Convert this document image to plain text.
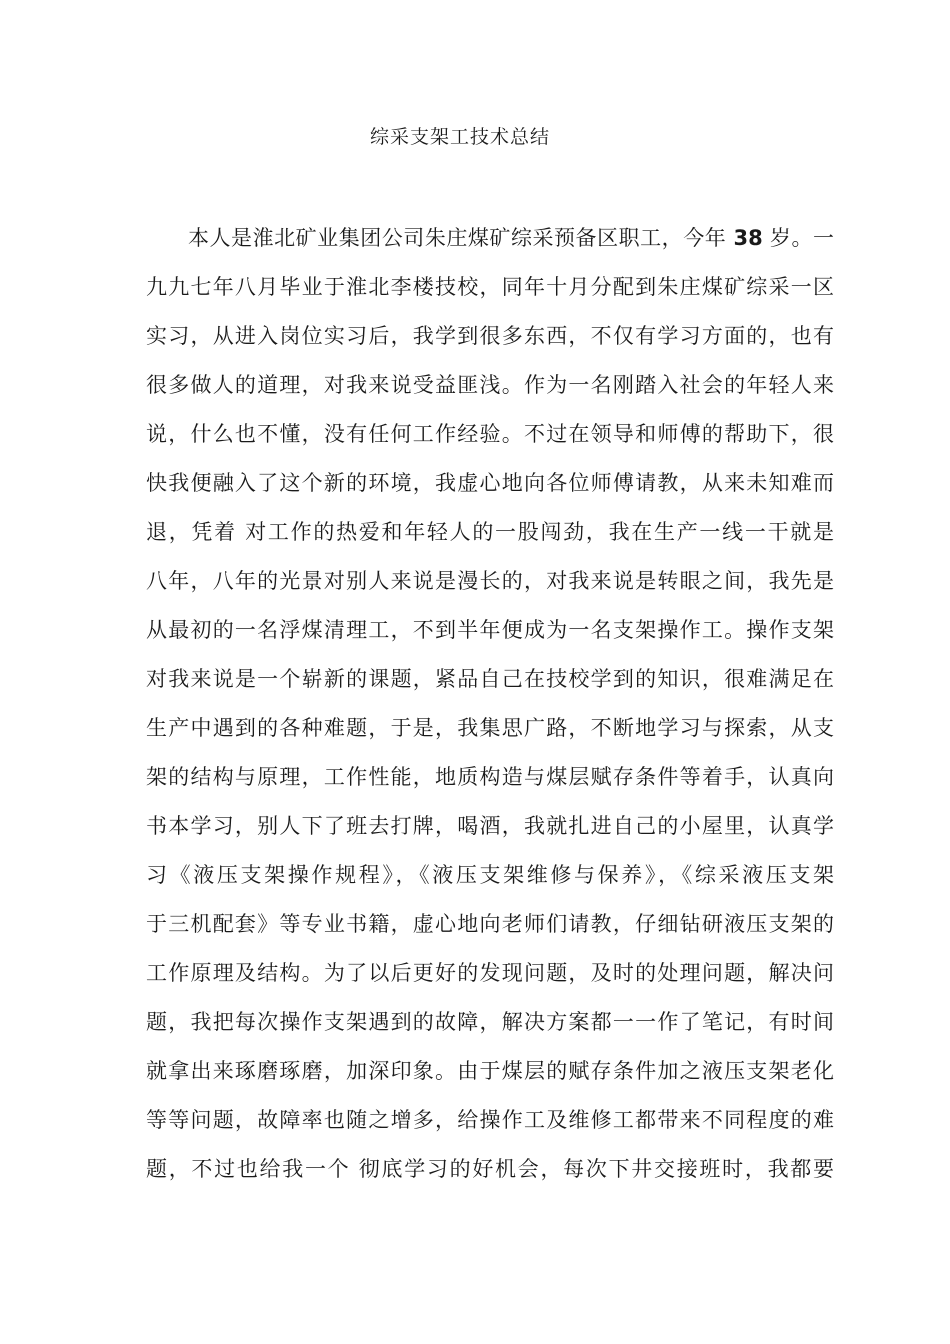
综采支架工技术总结
本人是淮北矿业集团公司朱庄煤矿综采预备区职工，今年 38 岁。一
九九七年八月毕业于淮北李楼技校，同年十月分配到朱庄煤矿综采一区
实习，从进入岗位实习后，我学到很多东西，不仅有学习方面的，也有
很多做人的道理，对我来说受益匪浅。作为一名刚踏入社会的年轻人来
说，什么也不懂，没有任何工作经验。不过在领导和师傅的帮助下，很
快我便融入了这个新的环境，我虚心地向各位师傅请教，从来未知难而
退，凭着 对工作的热爱和年轻人的一股闯劲，我在生产一线一干就是
八年，八年的光景对别人来说是漫长的，对我来说是转眼之间，我先是
从最初的一名浮煤清理工，不到半年便成为一名支架操作工。操作支架
对我来说是一个崭新的课题，紧品自己在技校学到的知识，很难满足在
生产中遇到的各种难题，于是，我集思广路，不断地学习与探索，从支
架的结构与原理，工作性能，地质构造与煤层赋存条件等着手，认真向
书本学习，别人下了班去打牌，喝酒，我就扎进自己的小屋里，认真学
习《液压支架操作规程》，《液压支架维修与保养》，《综采液压支架
于三机配套》等专业书籍，虚心地向老师们请教，仔细钻研液压支架的
工作原理及结构。为了以后更好的发现问题，及时的处理问题，解决问
题，我把每次操作支架遇到的故障，解决方案都一一作了笔记，有时间
就拿出来琢磨琢磨，加深印象。由于煤层的赋存条件加之液压支架老化
等等问题，故障率也随之增多，给操作工及维修工都带来不同程度的难
题，不过也给我一个 彻底学习的好机会，每次下井交接班时，我都要
